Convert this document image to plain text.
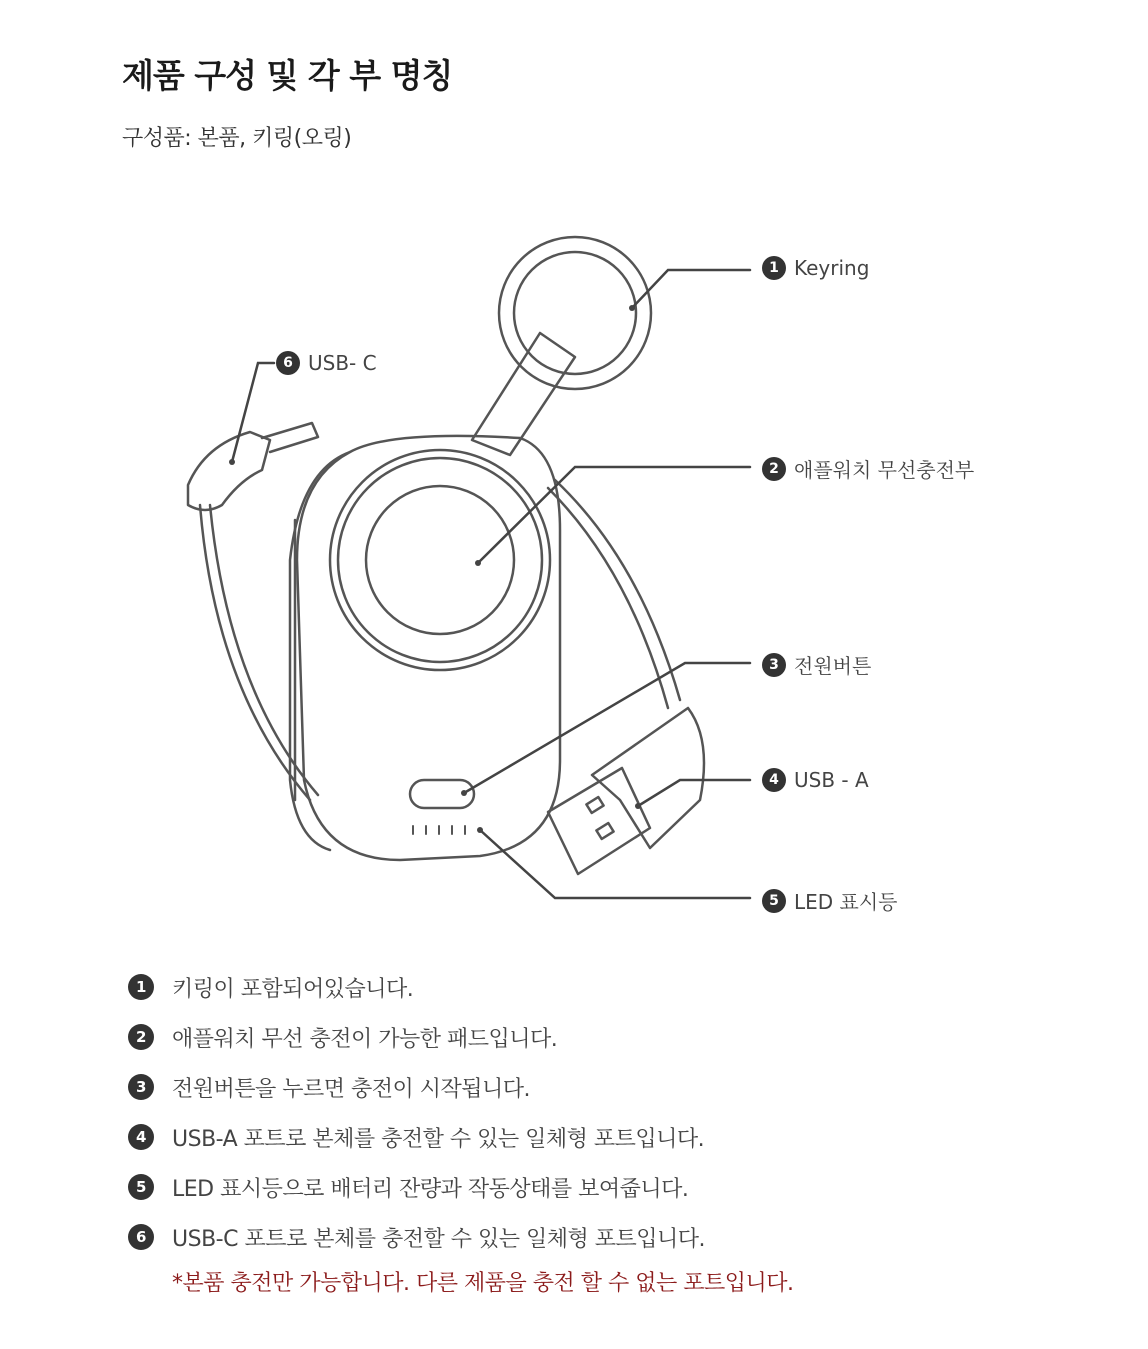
제품 구성 및 각 부 명칭
구성품: 본품, 키링(오링)
1 Keyring
2 애플워치 무선충전부
3 전원버튼
4 USB - A
5 LED 표시등
6 USB- C
1	키링이 포함되어있습니다.
2	애플워치 무선 충전이 가능한 패드입니다.
3	전원버튼을 누르면 충전이 시작됩니다.
4	USB-A 포트로 본체를 충전할 수 있는 일체형 포트입니다.
5	LED 표시등으로 배터리 잔량과 작동상태를 보여줍니다.
6	USB-C 포트로 본체를 충전할 수 있는 일체형 포트입니다.
*본품 충전만 가능합니다. 다른 제품을 충전 할 수 없는 포트입니다.
